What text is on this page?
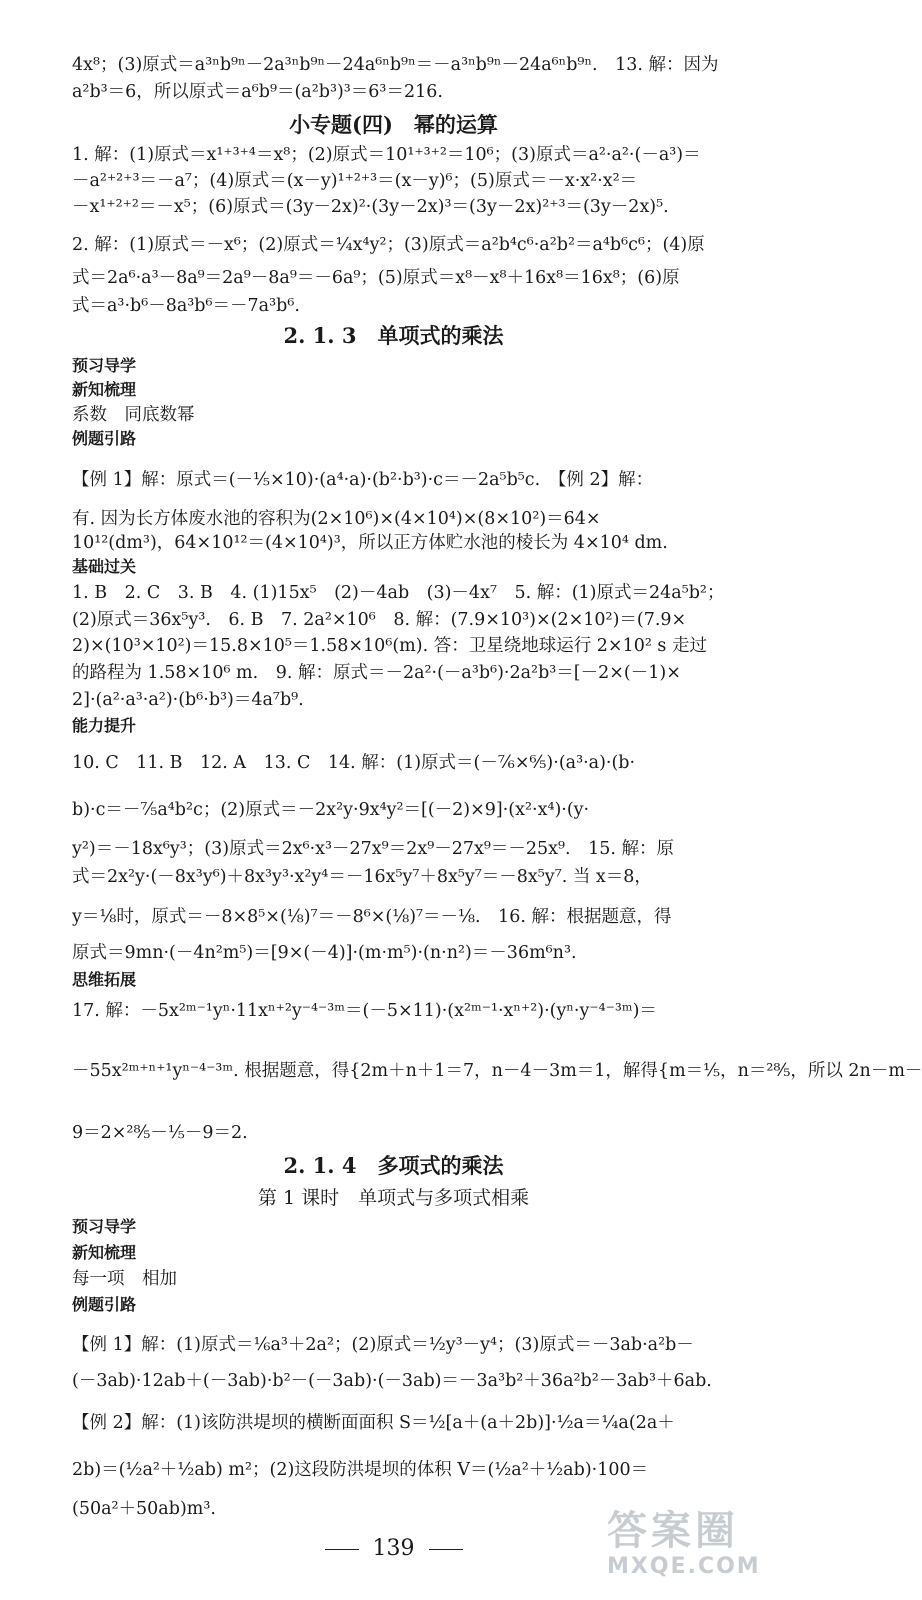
4x⁸；(3)原式＝a³ⁿb⁹ⁿ－2a³ⁿb⁹ⁿ－24a⁶ⁿb⁹ⁿ＝－a³ⁿb⁹ⁿ－24a⁶ⁿb⁹ⁿ.　13. 解：因为
a²b³＝6，所以原式＝a⁶b⁹＝(a²b³)³＝6³＝216.
小专题(四)　幂的运算
1. 解：(1)原式＝x¹⁺³⁺⁴＝x⁸；(2)原式＝10¹⁺³⁺²＝10⁶；(3)原式＝a²·a²·(－a³)＝
－a²⁺²⁺³＝－a⁷；(4)原式＝(x－y)¹⁺²⁺³＝(x－y)⁶；(5)原式＝－x·x²·x²＝
－x¹⁺²⁺²＝－x⁵；(6)原式＝(3y－2x)²·(3y－2x)³＝(3y－2x)²⁺³＝(3y－2x)⁵.
2. 解：(1)原式＝－x⁶；(2)原式＝¼x⁴y²；(3)原式＝a²b⁴c⁶·a²b²＝a⁴b⁶c⁶；(4)原
式＝2a⁶·a³－8a⁹＝2a⁹－8a⁹＝－6a⁹；(5)原式＝x⁸－x⁸＋16x⁸＝16x⁸；(6)原
式＝a³·b⁶－8a³b⁶＝－7a³b⁶.
2. 1. 3　单项式的乘法
预习导学
新知梳理
系数　同底数幂
例题引路
【例 1】解：原式＝(－⅕×10)·(a⁴·a)·(b²·b³)·c＝－2a⁵b⁵c.　【例 2】解：
有. 因为长方体废水池的容积为(2×10⁶)×(4×10⁴)×(8×10²)＝64×
10¹²(dm³)，64×10¹²＝(4×10⁴)³，所以正方体贮水池的棱长为 4×10⁴ dm.
基础过关
1. B　2. C　3. B　4. (1)15x⁵　(2)－4ab　(3)－4x⁷　5. 解：(1)原式＝24a⁵b²；
(2)原式＝36x⁵y³.　6. B　7. 2a²×10⁶　8. 解：(7.9×10³)×(2×10²)＝(7.9×
2)×(10³×10²)＝15.8×10⁵＝1.58×10⁶(m). 答：卫星绕地球运行 2×10² s 走过
的路程为 1.58×10⁶ m.　9. 解：原式＝－2a²·(－a³b⁶)·2a²b³＝[－2×(－1)×
2]·(a²·a³·a²)·(b⁶·b³)＝4a⁷b⁹.
能力提升
10. C　11. B　12. A　13. C　14. 解：(1)原式＝(－⁷⁄₆×⁶⁄₅)·(a³·a)·(b·
b)·c＝－⁷⁄₅a⁴b²c；(2)原式＝－2x²y·9x⁴y²＝[(－2)×9]·(x²·x⁴)·(y·
y²)＝－18x⁶y³；(3)原式＝2x⁶·x³－27x⁹＝2x⁹－27x⁹＝－25x⁹.　15. 解：原
式＝2x²y·(－8x³y⁶)＋8x³y³·x²y⁴＝－16x⁵y⁷＋8x⁵y⁷＝－8x⁵y⁷. 当 x＝8，
y＝⅛时，原式＝－8×8⁵×(⅛)⁷＝－8⁶×(⅛)⁷＝－⅛.　16. 解：根据题意，得
原式＝9mn·(－4n²m⁵)＝[9×(－4)]·(m·m⁵)·(n·n²)＝－36m⁶n³.
思维拓展
17. 解：－5x²ᵐ⁻¹yⁿ·11xⁿ⁺²y⁻⁴⁻³ᵐ＝(－5×11)·(x²ᵐ⁻¹·xⁿ⁺²)·(yⁿ·y⁻⁴⁻³ᵐ)＝
－55x²ᵐ⁺ⁿ⁺¹yⁿ⁻⁴⁻³ᵐ. 根据题意，得{2m＋n＋1＝7，n－4－3m＝1，解得{m＝⅕，n＝²⁸⁄₅，所以 2n－m－
9＝2×²⁸⁄₅－⅕－9＝2.
2. 1. 4　多项式的乘法
第 1 课时　单项式与多项式相乘
预习导学
新知梳理
每一项　相加
例题引路
【例 1】解：(1)原式＝⅙a³＋2a²；(2)原式＝½y³－y⁴；(3)原式＝－3ab·a²b－
(－3ab)·12ab＋(－3ab)·b²－(－3ab)·(－3ab)＝－3a³b²＋36a²b²－3ab³＋6ab.
【例 2】解：(1)该防洪堤坝的横断面面积 S＝½[a＋(a＋2b)]·½a＝¼a(2a＋
2b)＝(½a²＋½ab) m²；(2)这段防洪堤坝的体积 V＝(½a²＋½ab)·100＝
(50a²＋50ab)m³.
139	答案圈
MXQE.COM
